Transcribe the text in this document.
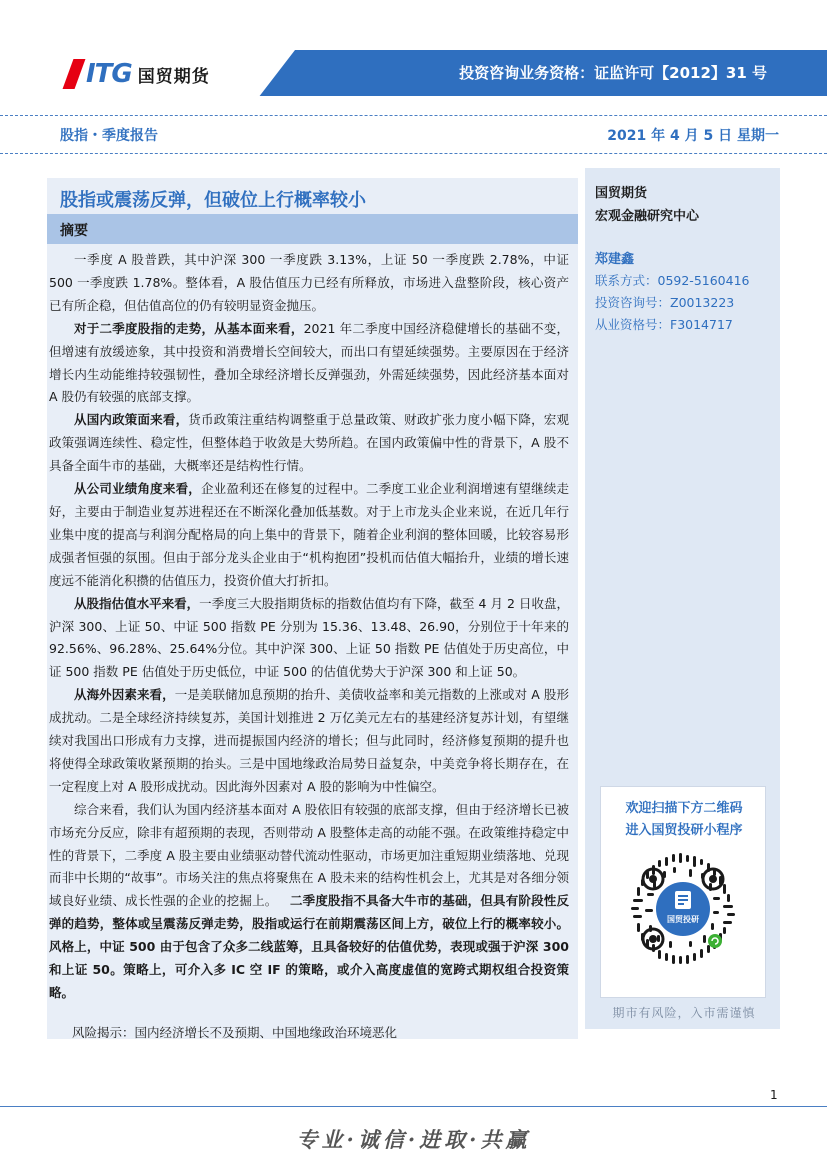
ITG 国贸期货	投资咨询业务资格：证监许可【2012】31 号
股指・季度报告	2021 年 4 月 5 日 星期一
股指或震荡反弹，但破位上行概率较小
摘要

一季度 A 股普跌，其中沪深 300 一季度跌 3.13%，上证 50 一季度跌 2.78%，中证 500 一季度跌 1.78%。整体看，A 股估值压力已经有所释放，市场进入盘整阶段，核心资产已有所企稳，但估值高位的仍有较明显资金抛压。

对于二季度股指的走势，从基本面来看，2021 年二季度中国经济稳健增长的基础不变，但增速有放缓迹象，其中投资和消费增长空间较大，而出口有望延续强势。主要原因在于经济增长内生动能维持较强韧性，叠加全球经济增长反弹强劲，外需延续强势，因此经济基本面对 A 股仍有较强的底部支撑。

从国内政策面来看，货币政策注重结构调整重于总量政策、财政扩张力度小幅下降，宏观政策强调连续性、稳定性，但整体趋于收敛是大势所趋。在国内政策偏中性的背景下，A 股不具备全面牛市的基础，大概率还是结构性行情。

从公司业绩角度来看，企业盈利还在修复的过程中。二季度工业企业利润增速有望继续走好，主要由于制造业复苏进程还在不断深化叠加低基数。对于上市龙头企业来说，在近几年行业集中度的提高与利润分配格局的向上集中的背景下，随着企业利润的整体回暖，比较容易形成强者恒强的氛围。但由于部分龙头企业由于“机构抱团”投机而估值大幅抬升，业绩的增长速度远不能消化积攒的估值压力，投资价值大打折扣。

从股指估值水平来看，一季度三大股指期货标的指数估值均有下降，截至 4 月 2 日收盘，沪深 300、上证 50、中证 500 指数 PE 分别为 15.36、13.48、26.90，分别位于十年来的 92.56%、96.28%、25.64%分位。其中沪深 300、上证 50 指数 PE 估值处于历史高位，中证 500 指数 PE 估值处于历史低位，中证 500 的估值优势大于沪深 300 和上证 50。

从海外因素来看，一是美联储加息预期的抬升、美债收益率和美元指数的上涨或对 A 股形成扰动。二是全球经济持续复苏，美国计划推进 2 万亿美元左右的基建经济复苏计划，有望继续对我国出口形成有力支撑，进而提振国内经济的增长；但与此同时，经济修复预期的提升也将使得全球政策收紧预期的抬头。三是中国地缘政治局势日益复杂，中美竞争将长期存在，在一定程度上对 A 股形成扰动。因此海外因素对 A 股的影响为中性偏空。

综合来看，我们认为国内经济基本面对 A 股依旧有较强的底部支撑，但由于经济增长已被市场充分反应，除非有超预期的表现，否则带动 A 股整体走高的动能不强。在政策维持稳定中性的背景下，二季度 A 股主要由业绩驱动替代流动性驱动，市场更加注重短期业绩落地、兑现而非中长期的“故事”。市场关注的焦点将聚焦在 A 股未来的结构性机会上，尤其是对各细分领域良好业绩、成长性强的企业的挖掘上。 二季度股指不具备大牛市的基础，但具有阶段性反弹的趋势，整体或呈震荡反弹走势，股指或运行在前期震荡区间上方，破位上行的概率较小。风格上，中证 500 由于包含了众多二线蓝筹，且具备较好的估值优势，表现或强于沪深 300 和上证 50。策略上，可介入多 IC 空 IF 的策略，或介入高度虚值的宽跨式期权组合投资策略。

风险揭示：国内经济增长不及预期、中国地缘政治环境恶化
国贸期货
宏观金融研究中心
郑建鑫
联系方式：0592-5160416
投资咨询号：Z0013223
从业资格号：F3014717
欢迎扫描下方二维码
进入国贸投研小程序
国贸投研
期市有风险，入市需谨慎
1
专业·诚信·进取·共赢
